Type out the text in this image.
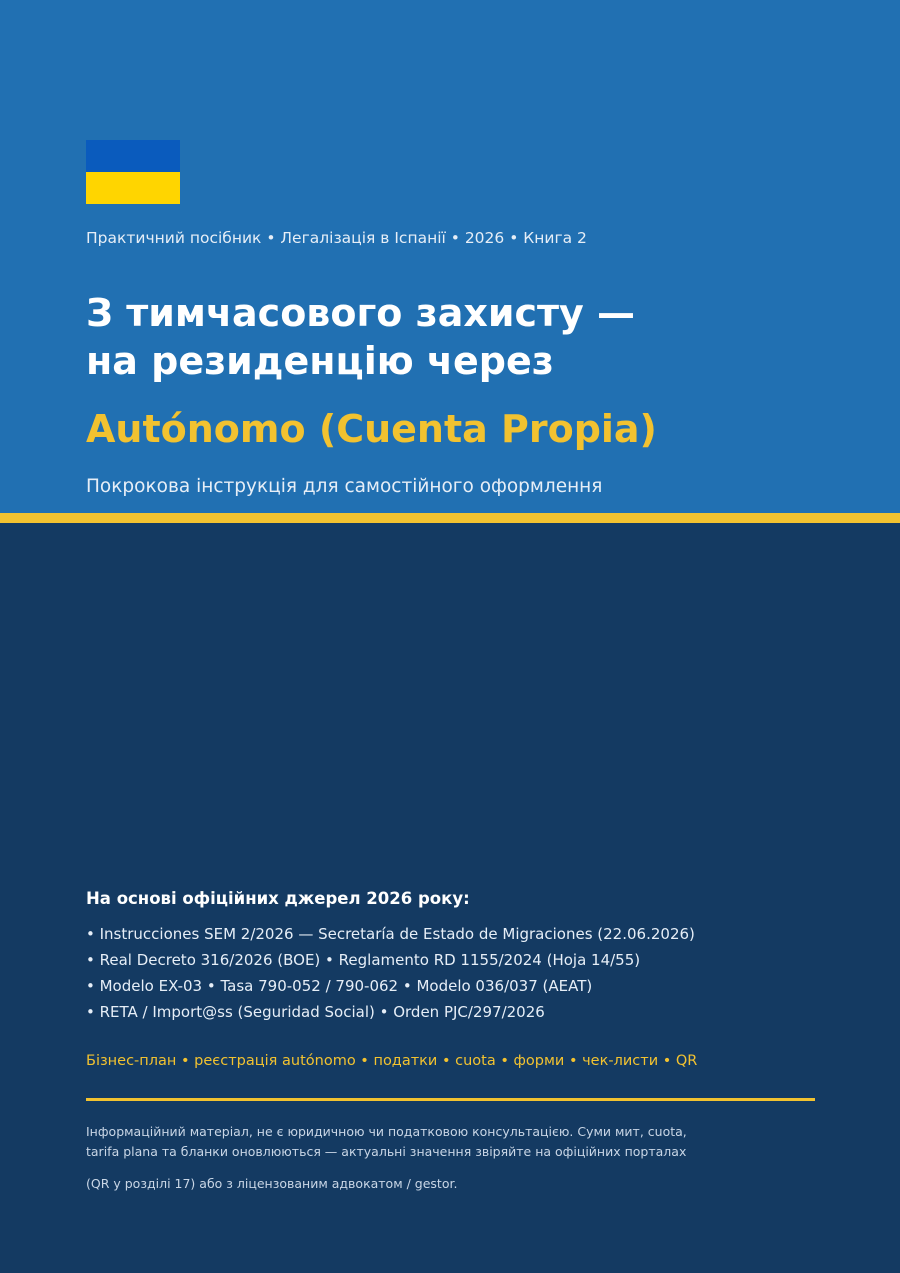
Практичний посібник • Легалізація в Іспанії • 2026 • Книга 2
З тимчасового захисту —
на резиденцію через
Autónomo (Cuenta Propia)
Покрокова інструкція для самостійного оформлення
На основі офіційних джерел 2026 року:
• Instrucciones SEM 2/2026 — Secretaría de Estado de Migraciones (22.06.2026)
• Real Decreto 316/2026 (BOE) • Reglamento RD 1155/2024 (Hoja 14/55)
• Modelo EX-03 • Tasa 790-052 / 790-062 • Modelo 036/037 (AEAT)
• RETA / Import@ss (Seguridad Social) • Orden PJC/297/2026
Бізнес-план • реєстрація autónomo • податки • cuota • форми • чек-листи • QR
Інформаційний матеріал, не є юридичною чи податковою консультацією. Суми мит, cuota,
tarifa plana та бланки оновлюються — актуальні значення звіряйте на офіційних порталах
(QR у розділі 17) або з ліцензованим адвокатом / gestor.
